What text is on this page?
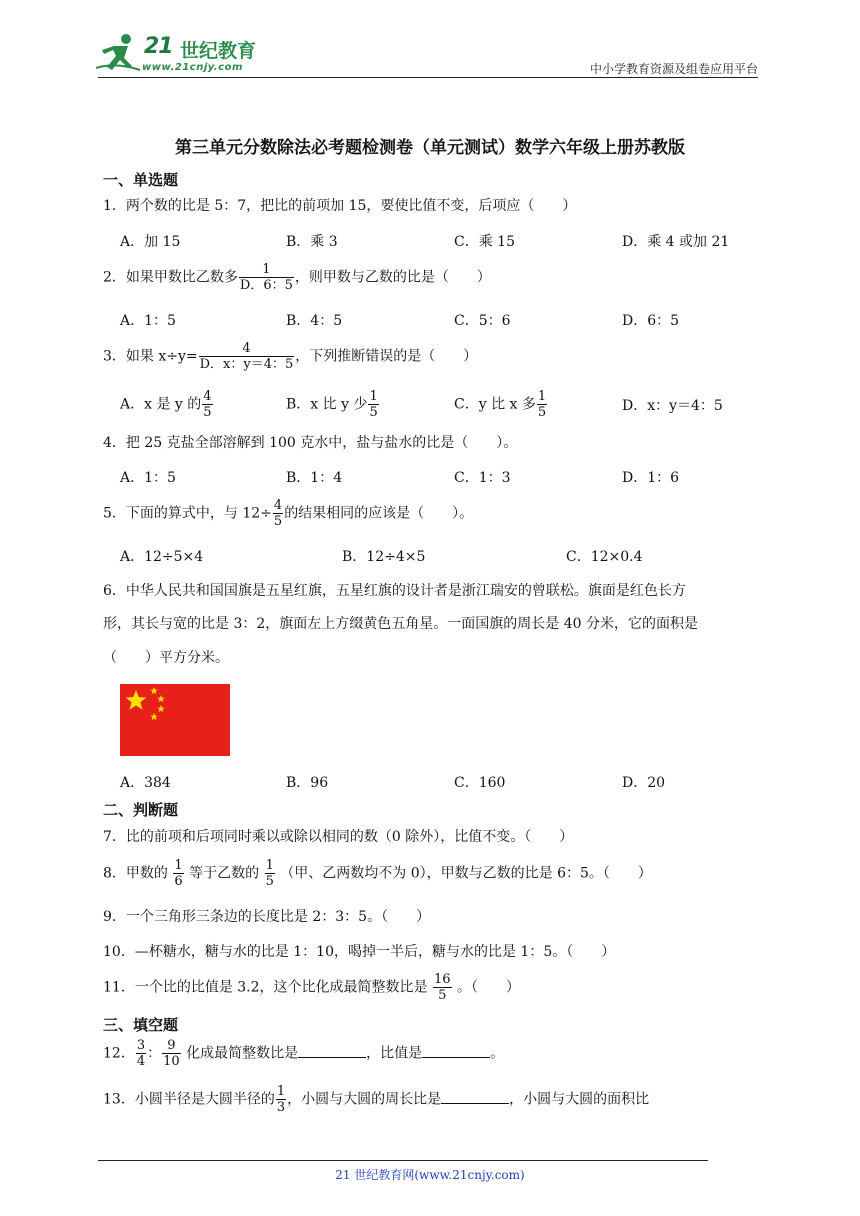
21 世纪教育
www.21cnjy.com	中小学教育资源及组卷应用平台
第三单元分数除法必考题检测卷（单元测试）数学六年级上册苏教版
一、单选题
1．两个数的比是 5：7，把比的前项加 15，要使比值不变，后项应（　　）
A．加 15	B．乘 3	C．乘 15	D．乘 4 或加 21
2．如果甲数比乙数多 $\frac{1}{D.6:5}$ ，则甲数与乙数的比是（　　）
A．1：5	B．4：5	C．5：6	D．6：5
3．如果 $x\div y= \frac{4}{D.x:y=4:5}$ ，下列推断错误的是（　　）
A．x 是 y 的 $\frac{4}{5}$	B．x 比 y 少 $\frac{1}{5}$	C．y 比 x 多 $\frac{1}{5}$	D．x：y＝4：5
4．把 25 克盐全部溶解到 100 克水中，盐与盐水的比是（　　）。
A．1：5	B．1：4	C．1：3	D．1：6
5．下面的算式中，与 $12\div \frac{4}{5}$ 的结果相同的应该是（　　）。
A．12÷5×4	B．12÷4×5	C．12×0.4
6．中华人民共和国国旗是五星红旗，五星红旗的设计者是浙江瑞安的曾联松。旗面是红色长方
形，其长与宽的比是 3：2，旗面左上方缀黄色五角星。一面国旗的周长是 40 分米，它的面积是
（　　）平方分米。
A．384	B．96	C．160	D．20
二、判断题
7．比的前项和后项同时乘以或除以相同的数（0 除外），比值不变。（　　）
8．甲数的 $\frac{1}{6}$ 等于乙数的 $\frac{1}{5}$ （甲、乙两数均不为 0），甲数与乙数的比是 6：5。（　　）
9．一个三角形三条边的长度比是 2：3：5。（　　）
10．—杯糖水，糖与水的比是 1：10，喝掉一半后，糖与水的比是 1：5。（　　）
11．一个比的比值是 3.2，这个比化成最简整数比是 $\frac{16}{5}$ 。（　　）
三、填空题
12． $\frac{3}{4}$ ： $\frac{9}{10}$ 化成最简整数比是	，比值是	。
13．小圆半径是大圆半径的 $\frac{1}{3}$ ，小圆与大圆的周长比是	，小圆与大圆的面积比
21 世纪教育网(www.21cnjy.com)
